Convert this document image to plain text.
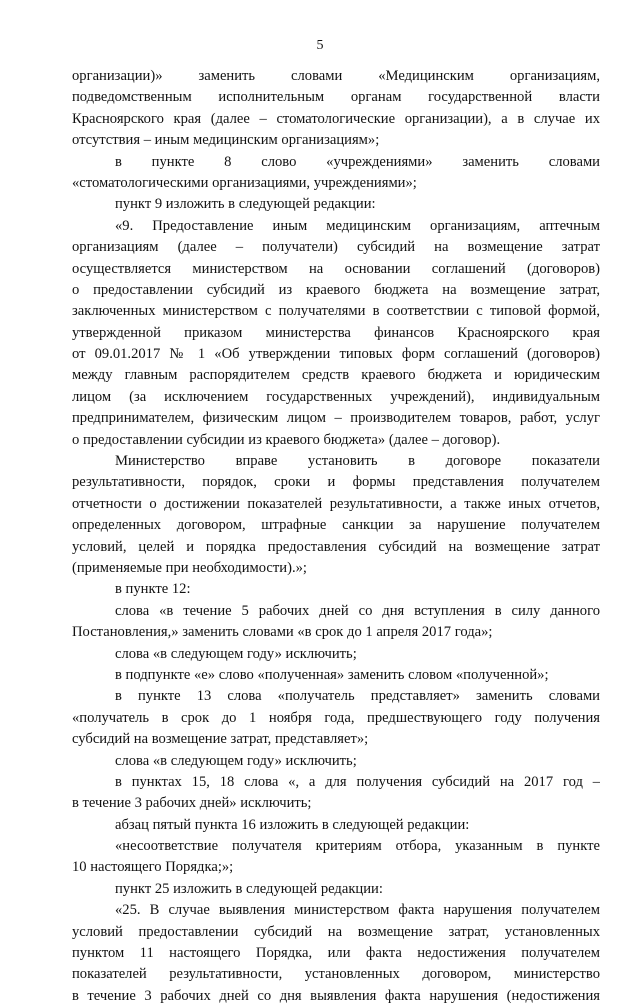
5
организации)» заменить словами «Медицинским организациям,
подведомственным исполнительным органам государственной власти
Красноярского края (далее – стоматологические организации), а в случае их
отсутствия – иным медицинским организациям»;
в пункте 8 слово «учреждениями» заменить словами
«стоматологическими организациями, учреждениями»;
пункт 9 изложить в следующей редакции:
«9. Предоставление иным медицинским организациям, аптечным
организациям (далее – получатели) субсидий на возмещение затрат
осуществляется министерством на основании соглашений (договоров)
о предоставлении субсидий из краевого бюджета на возмещение затрат,
заключенных министерством с получателями в соответствии с типовой формой,
утвержденной приказом министерства финансов Красноярского края
от 09.01.2017 № 1 «Об утверждении типовых форм соглашений (договоров)
между главным распорядителем средств краевого бюджета и юридическим
лицом (за исключением государственных учреждений), индивидуальным
предпринимателем, физическим лицом – производителем товаров, работ, услуг
о предоставлении субсидии из краевого бюджета» (далее – договор).
Министерство вправе установить в договоре показатели
результативности, порядок, сроки и формы представления получателем
отчетности о достижении показателей результативности, а также иных отчетов,
определенных договором, штрафные санкции за нарушение получателем
условий, целей и порядка предоставления субсидий на возмещение затрат
(применяемые при необходимости).»;
в пункте 12:
слова «в течение 5 рабочих дней со дня вступления в силу данного
Постановления,» заменить словами «в срок до 1 апреля 2017 года»;
слова «в следующем году» исключить;
в подпункте «е» слово «полученная» заменить словом «полученной»;
в пункте 13 слова «получатель представляет» заменить словами
«получатель в срок до 1 ноября года, предшествующего году получения
субсидий на возмещение затрат, представляет»;
слова «в следующем году» исключить;
в пунктах 15, 18 слова «, а для получения субсидий на 2017 год –
в течение 3 рабочих дней» исключить;
абзац пятый пункта 16 изложить в следующей редакции:
«несоответствие получателя критериям отбора, указанным в пункте
10 настоящего Порядка;»;
пункт 25 изложить в следующей редакции:
«25. В случае выявления министерством факта нарушения получателем
условий предоставлении субсидий на возмещение затрат, установленных
пунктом 11 настоящего Порядка, или факта недостижения получателем
показателей результативности, установленных договором, министерство
в течение 3 рабочих дней со дня выявления факта нарушения (недостижения
